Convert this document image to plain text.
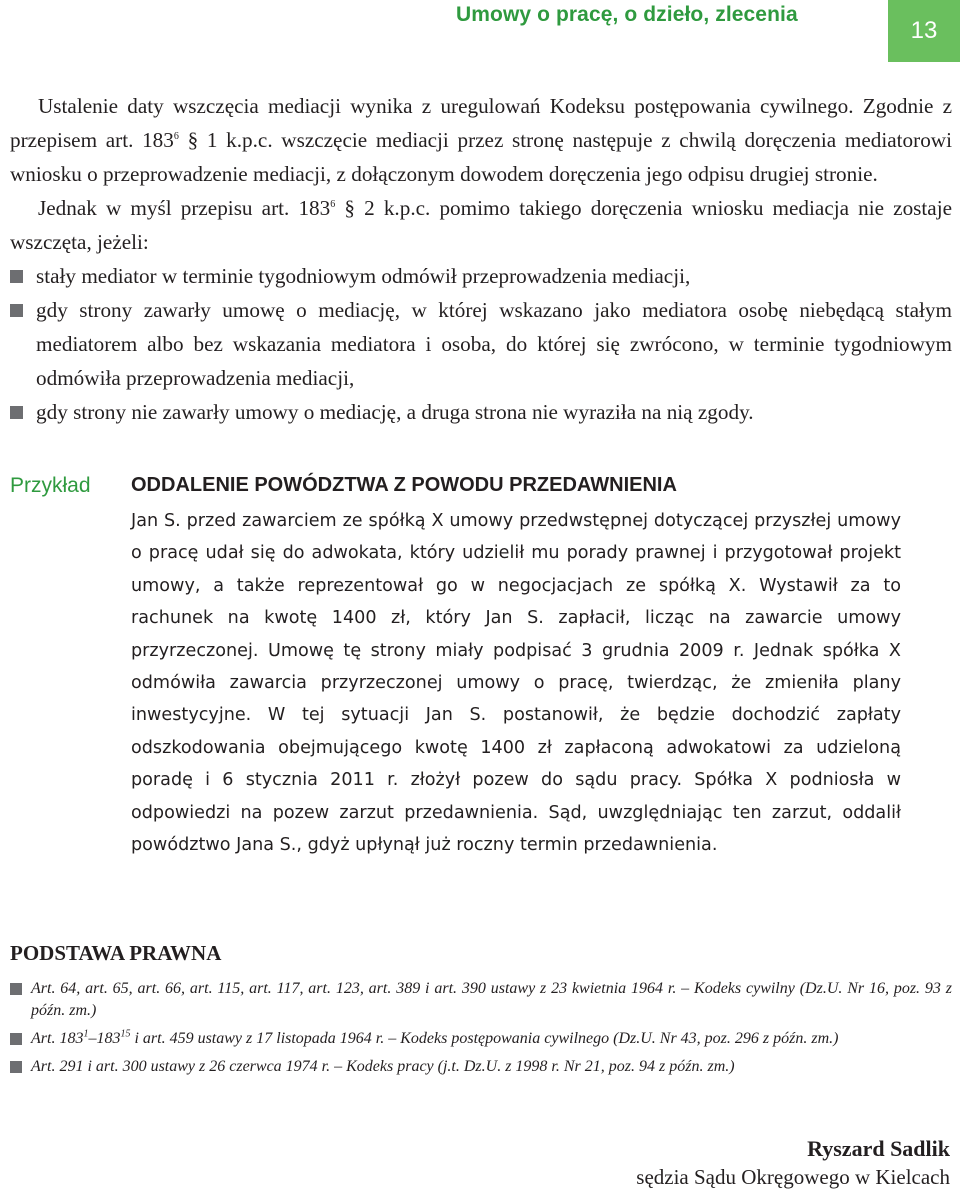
Umowy o pracę, o dzieło, zlecenia
13
Ustalenie daty wszczęcia mediacji wynika z uregulowań Kodeksu postępowania cywilnego. Zgodnie z przepisem art. $183^6$ § 1 k.p.c. wszczęcie mediacji przez stronę następuje z chwilą doręczenia mediatorowi wniosku o przeprowadzenie mediacji, z dołączonym dowodem doręczenia jego odpisu drugiej stronie.
Jednak w myśl przepisu art. $183^6$ § 2 k.p.c. pomimo takiego doręczenia wniosku mediacja nie zostaje wszczęta, jeżeli:
stały mediator w terminie tygodniowym odmówił przeprowadzenia mediacji,
gdy strony zawarły umowę o mediację, w której wskazano jako mediatora osobę niebędącą stałym mediatorem albo bez wskazania mediatora i osoba, do której się zwrócono, w terminie tygodniowym odmówiła przeprowadzenia mediacji,
gdy strony nie zawarły umowy o mediację, a druga strona nie wyraziła na nią zgody.
Przykład ODDALENIE POWÓDZTWA Z POWODU PRZEDAWNIENIA
Jan S. przed zawarciem ze spółką X umowy przedwstępnej dotyczącej przyszłej umowy o pracę udał się do adwokata, który udzielił mu porady prawnej i przygotował projekt umowy, a także reprezentował go w negocjacjach ze spółką X. Wystawił za to rachunek na kwotę 1400 zł, który Jan S. zapłacił, licząc na zawarcie umowy przyrzeczonej. Umowę tę strony miały podpisać 3 grudnia 2009 r. Jednak spółka X odmówiła zawarcia przyrzeczonej umowy o pracę, twierdząc, że zmieniła plany inwestycyjne. W tej sytuacji Jan S. postanowił, że będzie dochodzić zapłaty odszkodowania obejmującego kwotę 1400 zł zapłaconą adwokatowi za udzieloną poradę i 6 stycznia 2011 r. złożył pozew do sądu pracy. Spółka X podniosła w odpowiedzi na pozew zarzut przedawnienia. Sąd, uwzględniając ten zarzut, oddalił powództwo Jana S., gdyż upłynął już roczny termin przedawnienia.
PODSTAWA PRAWNA
Art. 64, art. 65, art. 66, art. 115, art. 117, art. 123, art. 389 i art. 390 ustawy z 23 kwietnia 1964 r. – Kodeks cywilny (Dz.U. Nr 16, poz. 93 z późn. zm.)
Art. $183^1-183^{15}$ i art. 459 ustawy z 17 listopada 1964 r. – Kodeks postępowania cywilnego (Dz.U. Nr 43, poz. 296 z późn. zm.)
Art. 291 i art. 300 ustawy z 26 czerwca 1974 r. – Kodeks pracy (j.t. Dz.U. z 1998 r. Nr 21, poz. 94 z późn. zm.)
Ryszard Sadlik
sędzia Sądu Okręgowego w Kielcach
